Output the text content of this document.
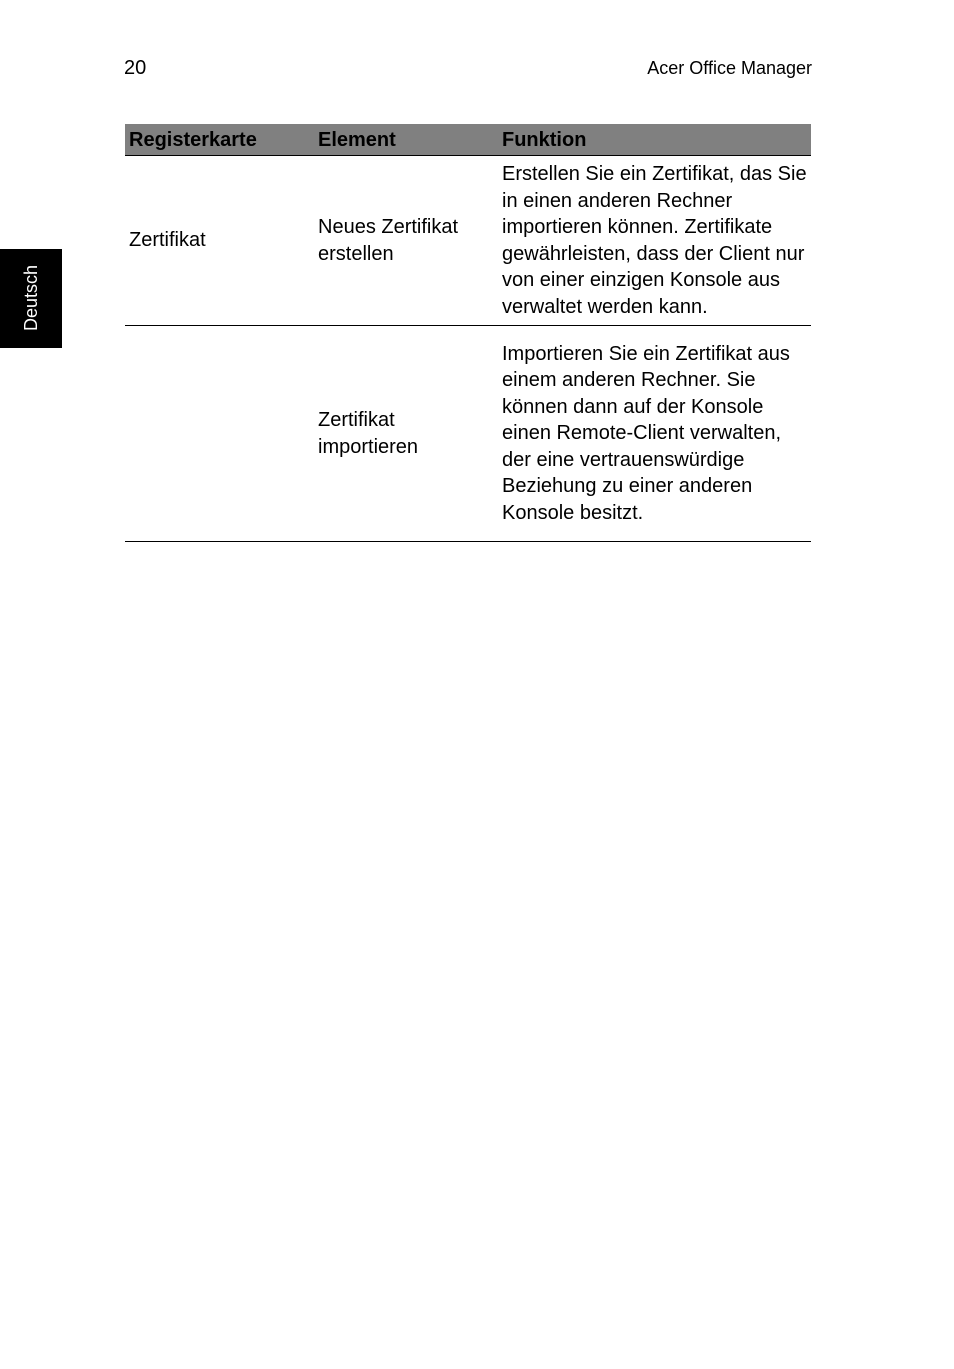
20	Acer Office Manager
Deutsch
Registerkarte	Element	Funktion
Zertifikat	Neues Zertifikat erstellen	Erstellen Sie ein Zertifikat, das Sie in einen anderen Rechner importieren können. Zertifikate gewährleisten, dass der Client nur von einer einzigen Konsole aus verwaltet werden kann.
	Zertifikat importieren	Importieren Sie ein Zertifikat aus einem anderen Rechner. Sie können dann auf der Konsole einen Remote-Client verwalten, der eine vertrauenswürdige Beziehung zu einer anderen Konsole besitzt.
